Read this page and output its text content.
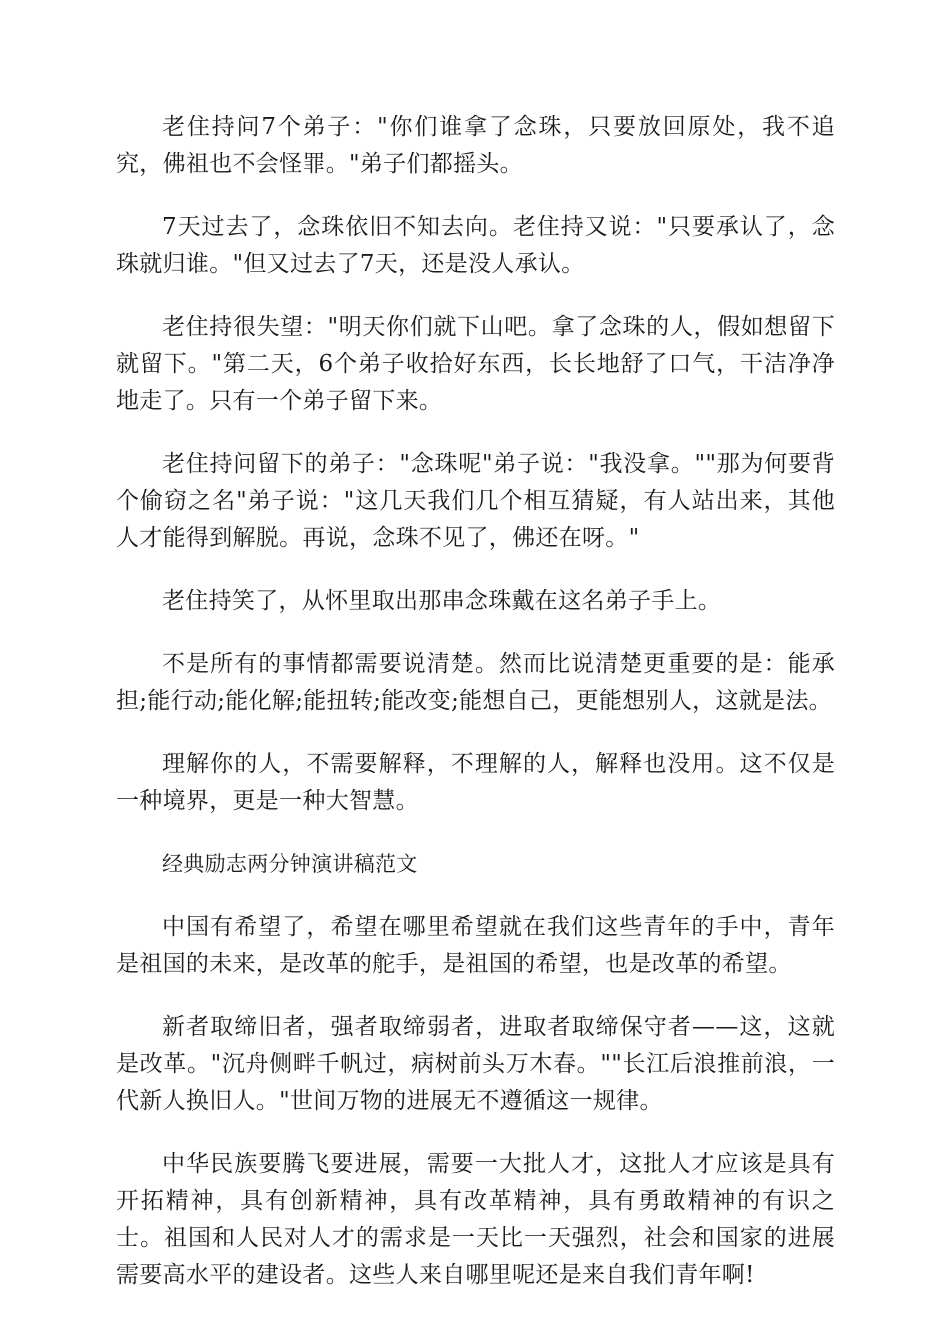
老住持问7个弟子："你们谁拿了念珠，只要放回原处，我不追究，佛祖也不会怪罪。"弟子们都摇头。

7天过去了，念珠依旧不知去向。老住持又说："只要承认了，念珠就归谁。"但又过去了7天，还是没人承认。

老住持很失望："明天你们就下山吧。拿了念珠的人，假如想留下就留下。"第二天，6个弟子收拾好东西，长长地舒了口气，干洁净净地走了。只有一个弟子留下来。

老住持问留下的弟子："念珠呢"弟子说："我没拿。""那为何要背个偷窃之名"弟子说："这几天我们几个相互猜疑，有人站出来，其他人才能得到解脱。再说，念珠不见了，佛还在呀。"

老住持笑了，从怀里取出那串念珠戴在这名弟子手上。

不是所有的事情都需要说清楚。然而比说清楚更重要的是：能承担;能行动;能化解;能扭转;能改变;能想自己，更能想别人，这就是法。

理解你的人，不需要解释，不理解的人，解释也没用。这不仅是一种境界，更是一种大智慧。

经典励志两分钟演讲稿范文

中国有希望了，希望在哪里希望就在我们这些青年的手中，青年是祖国的未来，是改革的舵手，是祖国的希望，也是改革的希望。

新者取缔旧者，强者取缔弱者，进取者取缔保守者——这，这就是改革。"沉舟侧畔千帆过，病树前头万木春。""长江后浪推前浪，一代新人换旧人。"世间万物的进展无不遵循这一规律。

中华民族要腾飞要进展，需要一大批人才，这批人才应该是具有开拓精神，具有创新精神，具有改革精神，具有勇敢精神的有识之士。祖国和人民对人才的需求是一天比一天强烈，社会和国家的进展需要高水平的建设者。这些人来自哪里呢还是来自我们青年啊!
